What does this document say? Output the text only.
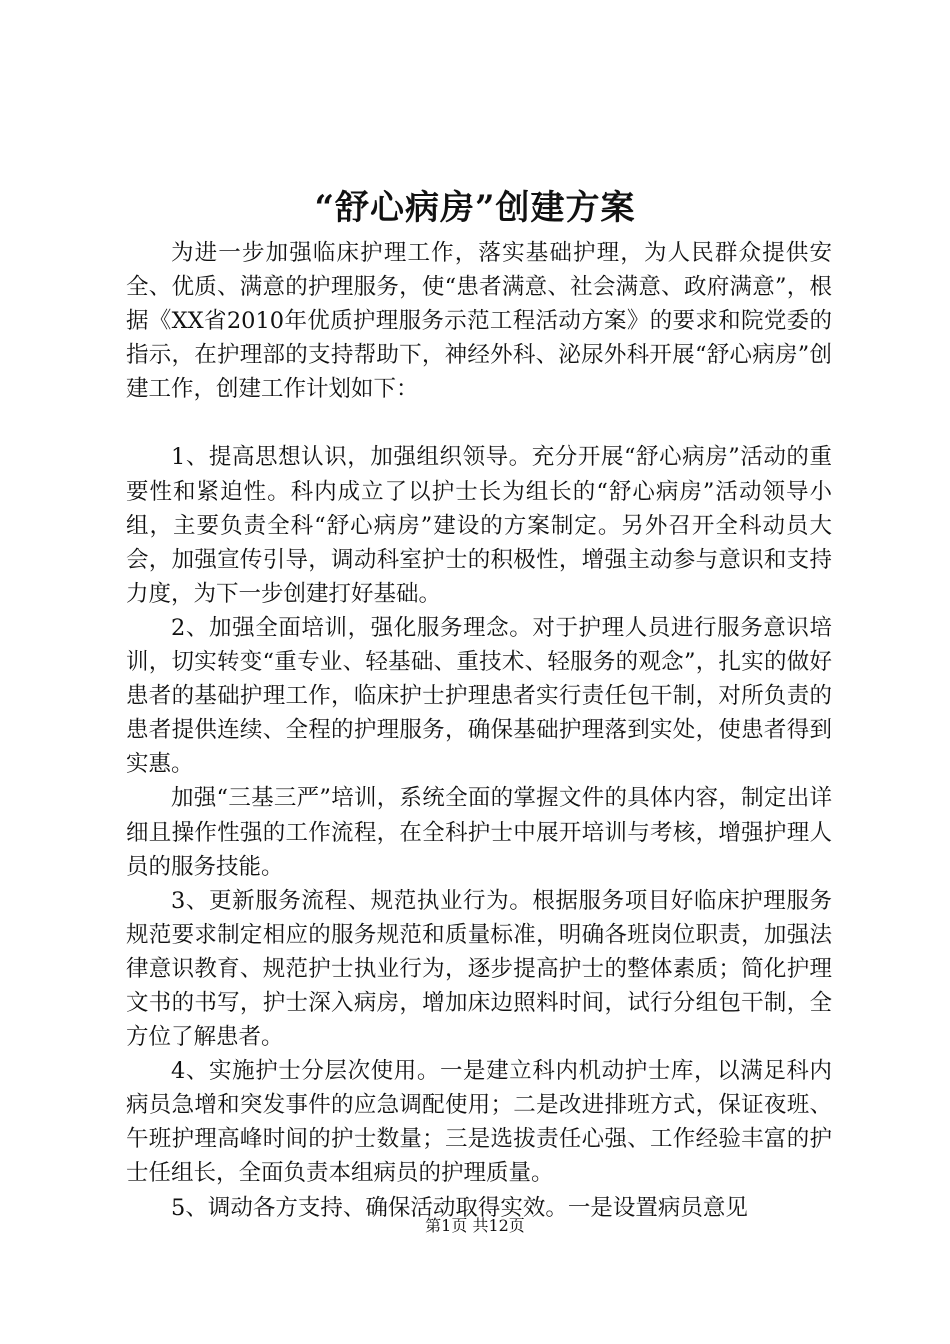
“舒心病房”创建方案

为进一步加强临床护理工作，落实基础护理，为人民群众提供安全、优质、满意的护理服务，使“患者满意、社会满意、政府满意”，根据《XX省2010年优质护理服务示范工程活动方案》的要求和院党委的指示，在护理部的支持帮助下，神经外科、泌尿外科开展“舒心病房”创建工作，创建工作计划如下：

1、提高思想认识，加强组织领导。充分开展“舒心病房”活动的重要性和紧迫性。科内成立了以护士长为组长的“舒心病房”活动领导小组，主要负责全科“舒心病房”建设的方案制定。另外召开全科动员大会，加强宣传引导，调动科室护士的积极性，增强主动参与意识和支持力度，为下一步创建打好基础。

2、加强全面培训，强化服务理念。对于护理人员进行服务意识培训，切实转变“重专业、轻基础、重技术、轻服务的观念”，扎实的做好患者的基础护理工作，临床护士护理患者实行责任包干制，对所负责的患者提供连续、全程的护理服务，确保基础护理落到实处，使患者得到实惠。

加强“三基三严”培训，系统全面的掌握文件的具体内容，制定出详细且操作性强的工作流程，在全科护士中展开培训与考核，增强护理人员的服务技能。

3、更新服务流程、规范执业行为。根据服务项目好临床护理服务规范要求制定相应的服务规范和质量标准，明确各班岗位职责，加强法律意识教育、规范护士执业行为，逐步提高护士的整体素质；简化护理文书的书写，护士深入病房，增加床边照料时间，试行分组包干制，全方位了解患者。

4、实施护士分层次使用。一是建立科内机动护士库，以满足科内病员急增和突发事件的应急调配使用；二是改进排班方式，保证夜班、午班护理高峰时间的护士数量；三是选拔责任心强、工作经验丰富的护士任组长，全面负责本组病员的护理质量。

5、调动各方支持、确保活动取得实效。一是设置病员意见

第1页 共12页
